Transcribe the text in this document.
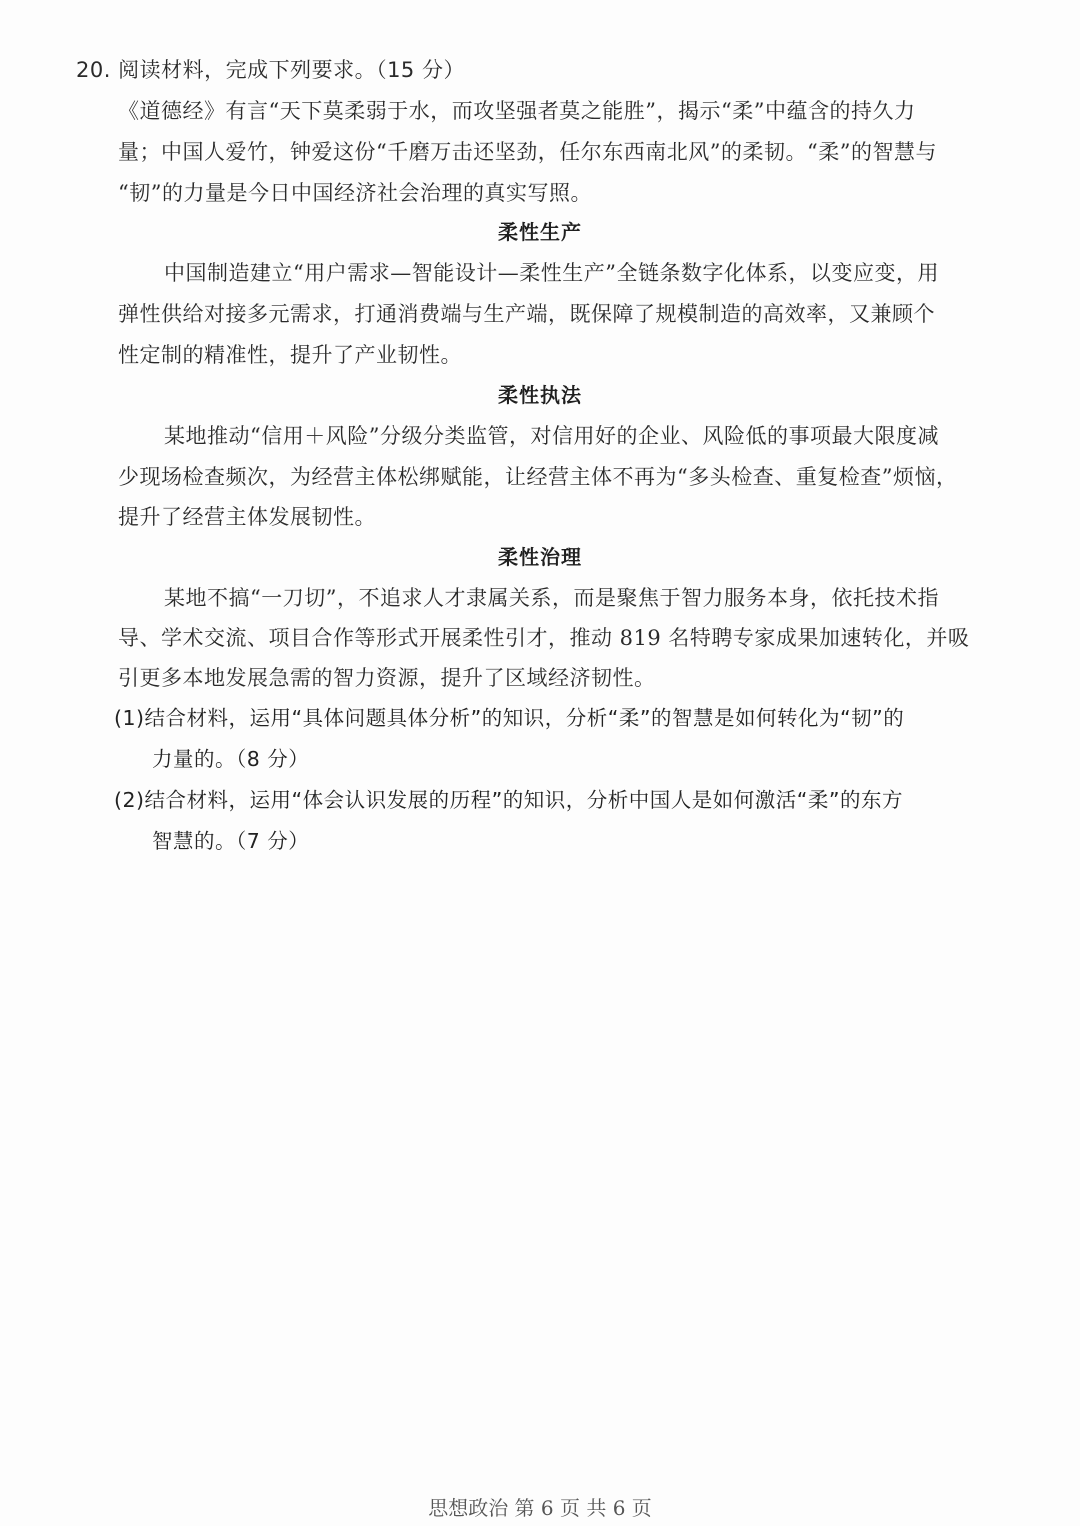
20. 阅读材料，完成下列要求。（15 分）
《道德经》有言“天下莫柔弱于水，而攻坚强者莫之能胜”，揭示“柔”中蕴含的持久力
量；中国人爱竹，钟爱这份“千磨万击还坚劲，任尔东西南北风”的柔韧。“柔”的智慧与
“韧”的力量是今日中国经济社会治理的真实写照。
柔性生产
中国制造建立“用户需求—智能设计—柔性生产”全链条数字化体系，以变应变，用
弹性供给对接多元需求，打通消费端与生产端，既保障了规模制造的高效率，又兼顾个
性定制的精准性，提升了产业韧性。
柔性执法
某地推动“信用＋风险”分级分类监管，对信用好的企业、风险低的事项最大限度减
少现场检查频次，为经营主体松绑赋能，让经营主体不再为“多头检查、重复检查”烦恼，
提升了经营主体发展韧性。
柔性治理
某地不搞“一刀切”，不追求人才隶属关系，而是聚焦于智力服务本身，依托技术指
导、学术交流、项目合作等形式开展柔性引才，推动 819 名特聘专家成果加速转化，并吸
引更多本地发展急需的智力资源，提升了区域经济韧性。
(1)结合材料，运用“具体问题具体分析”的知识，分析“柔”的智慧是如何转化为“韧”的
力量的。（8 分）
(2)结合材料，运用“体会认识发展的历程”的知识，分析中国人是如何激活“柔”的东方
智慧的。（7 分）
思想政治 第 6 页 共 6 页
